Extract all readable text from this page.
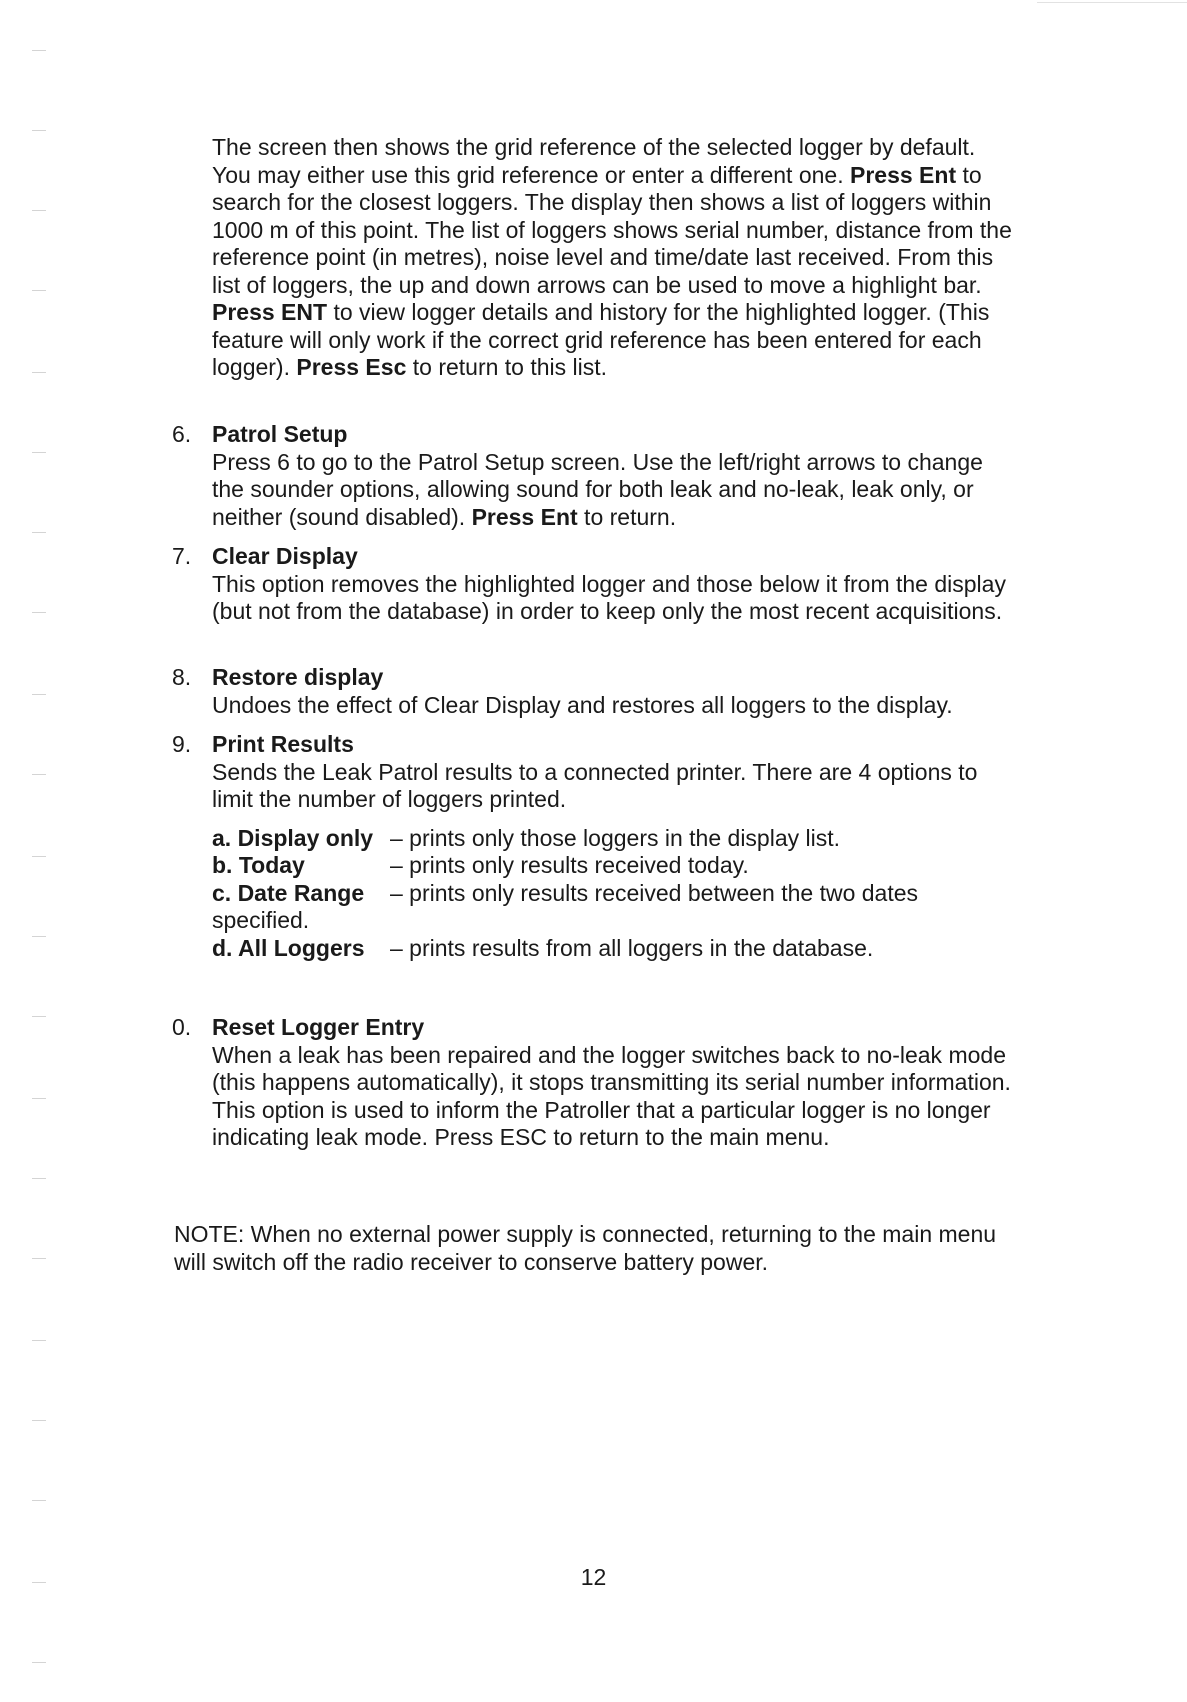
The screen then shows the grid reference of the selected logger by default. You may either use this grid reference or enter a different one. Press Ent to search for the closest loggers. The display then shows a list of loggers within 1000 m of this point. The list of loggers shows serial number, distance from the reference point (in metres), noise level and time/date last received. From this list of loggers, the up and down arrows can be used to move a highlight bar. Press ENT to view logger details and history for the highlighted logger. (This feature will only work if the correct grid reference has been entered for each logger). Press Esc to return to this list.

6. Patrol Setup
Press 6 to go to the Patrol Setup screen. Use the left/right arrows to change the sounder options, allowing sound for both leak and no-leak, leak only, or neither (sound disabled). Press Ent to return.
7. Clear Display
This option removes the highlighted logger and those below it from the display (but not from the database) in order to keep only the most recent acquisitions.
8. Restore display
Undoes the effect of Clear Display and restores all loggers to the display.
9. Print Results
Sends the Leak Patrol results to a connected printer. There are 4 options to limit the number of loggers printed.
a. Display only – prints only those loggers in the display list.
b. Today	– prints only results received today.
c. Date Range – prints only results received between the two dates
specified.
d. All Loggers – prints results from all loggers in the database.
0. Reset Logger Entry
When a leak has been repaired and the logger switches back to no-leak mode (this happens automatically), it stops transmitting its serial number information. This option is used to inform the Patroller that a particular logger is no longer indicating leak mode. Press ESC to return to the main menu.
NOTE: When no external power supply is connected, returning to the main menu will switch off the radio receiver to conserve battery power.
12
